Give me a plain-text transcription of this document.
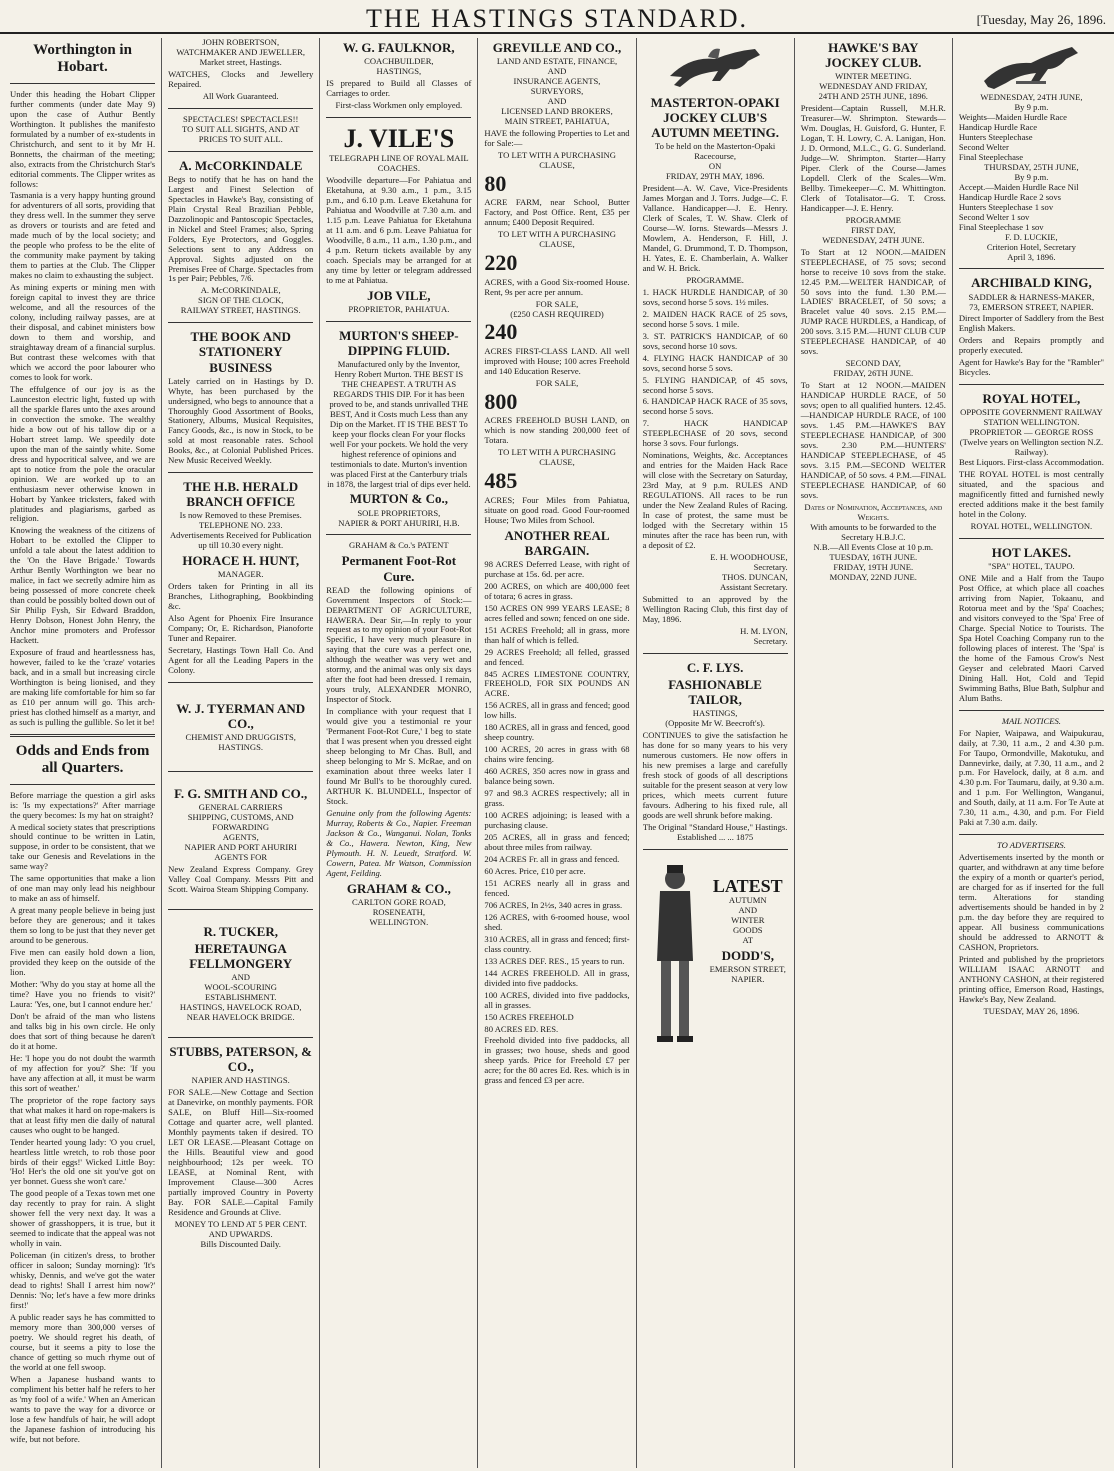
THE HASTINGS STANDARD.	[Tuesday, May 26, 1896.
Worthington in Hobart.

Under this heading the Hobart Clipper further comments (under date May 9) upon the case of Authur Bently Worthington. It publishes the manifesto formulated by a number of ex-students in Christchurch, and sent to it by Mr H. Bonnetts, the chairman of the meeting; also, extracts from the Christchurch Star's editorial comments. The Clipper writes as follows:

Tasmania is a very happy hunting ground for adventurers of all sorts, providing that they dress well. In the summer they serve as drovers or tourists and are feted and made much of by the local society; and the people who profess to be the elite of the community make payment by taking them to parties at the Club. The Clipper makes no claim to exhausting the subject.

As mining experts or mining men with foreign capital to invest they are thrice welcome, and all the resources of the colony, including railway passes, are at their disposal, and cabinet ministers bow down to them and worship, and straightaway dream of a financial surplus. But contrast these welcomes with that which we accord the poor labourer who comes to look for work.

The effulgence of our joy is as the Launceston electric light, fusted up with all the sparkle flares unto the axes around in convection the smoke. The wealthy hide a bow out of his tallow dip or a Hobart street lamp. We speedily dote upon the man of the saintly white. Some dress and hypocritical salvee, and we are apt to notice from the pole the oracular opinion. We are worked up to an enthusiasm never otherwise known in Hobart by Yankee tricksters, faked with platitudes and plagiarisms, garbed as religion.

Knowing the weakness of the citizens of Hobart to be extolled the Clipper to unfold a tale about the latest addition to the 'On the Have Brigade.' Towards Arthur Bently Worthington we bear no malice, in fact we secretly admire him as being possessed of more concrete cheek than could be possibly bolted down out of Sir Philip Fysh, Sir Edward Braddon, Henry Dobson, Honest John Henry, the Anchor mine promoters and Professor Hackett.

Exposure of fraud and heartlessness has, however, failed to ke the 'craze' votaries back, and in a small but increasing circle Worthington is being lionised, and they are making life comfortable for him so far as £10 per annum will go. This arch-priest has clothed himself as a martyr, and as such is pulling the gullible. So let it be!

Odds and Ends from all Quarters.

Before marriage the question a girl asks is: 'Is my expectations?' After marriage the query becomes: Is my hat on straight?

A medical society states that prescriptions should continue to be written in Latin, suppose, in order to be consistent, that we take our Genesis and Revelations in the same way?

The same opportunities that make a lion of one man may only lead his neighbour to make an ass of himself.

A great many people believe in being just before they are generous; and it takes them so long to be just that they never get around to be generous.

Five men can easily hold down a lion, provided they keep on the outside of the lion.

Mother: 'Why do you stay at home all the time? Have you no friends to visit?' Laura: 'Yes, one, but I cannot endure her.'

Don't be afraid of the man who listens and talks big in his own circle. He only does that sort of thing because he daren't do it at home.

He: 'I hope you do not doubt the warmth of my affection for you?' She: 'If you have any affection at all, it must be warm this sort of weather.'

The proprietor of the rope factory says that what makes it hard on rope-makers is that at least fifty men die daily of natural causes who ought to be hanged.

Tender hearted young lady: 'O you cruel, heartless little wretch, to rob those poor birds of their eggs!' Wicked Little Boy: 'Ho! Her's the old one sit you've got on yer bonnet. Guess she won't care.'

The good people of a Texas town met one day recently to pray for rain. A slight shower fell the very next day. It was a shower of grasshoppers, it is true, but it seemed to indicate that the appeal was not wholly in vain.

Policeman (in citizen's dress, to brother officer in saloon; Sunday morning): 'It's whisky, Dennis, and we've got the water dead to rights! Shall I arrest him now?' Dennis: 'No; let's have a few more drinks first!'

A public reader says he has committed to memory more than 300,000 verses of poetry. We should regret his death, of course, but it seems a pity to lose the chance of getting so much rhyme out of the world at one fell swoop.

When a Japanese husband wants to compliment his better half he refers to her as 'my fool of a wife.' When an American wants to pave the way for a divorce or lose a few handfuls of hair, he will adopt the Japanese fashion of introducing his wife, but not before.

JOHN ROBERTSON,
WATCHMAKER AND JEWELLER,
Market street, Hastings.

WATCHES, Clocks and Jewellery Repaired.

All Work Guaranteed.
SPECTACLES! SPECTACLES!!
TO SUIT ALL SIGHTS, AND AT PRICES TO SUIT ALL.
A. McCORKINDALE

Begs to notify that he has on hand the Largest and Finest Selection of Spectacles in Hawke's Bay, consisting of Plain Crystal Real Brazilian Pebble, Dazzolinopic and Pantoscopic Spectacles, in Nickel and Steel Frames; also, Spring Folders, Eye Protectors, and Goggles. Selections sent to any Address on Approval. Sights adjusted on the Premises Free of Charge. Spectacles from 1s per Pair; Pebbles, 7/6.

A. McCORKINDALE,
SIGN OF THE CLOCK,
RAILWAY STREET, HASTINGS.
THE BOOK AND STATIONERY BUSINESS

Lately carried on in Hastings by D. Whyte, has been purchased by the undersigned, who begs to announce that a Thoroughly Good Assortment of Books, Stationery, Albums, Musical Requisites, Fancy Goods, &c., is now in Stock, to be sold at most reasonable rates. School Books, &c., at Colonial Published Prices. New Music Received Weekly.

THE H.B. HERALD BRANCH OFFICE
Is now Removed to these Premises.
TELEPHONE NO. 233.
Advertisements Received for Publication up till 10.30 every night.
HORACE H. HUNT,
MANAGER.

Orders taken for Printing in all its Branches, Lithographing, Bookbinding &c.

Also Agent for Phoenix Fire Insurance Company; Or, E. Richardson, Pianoforte Tuner and Repairer.

Secretary, Hastings Town Hall Co. And Agent for all the Leading Papers in the Colony.

W. J. TYERMAN AND CO.,
CHEMIST AND DRUGGISTS,
HASTINGS.
F. G. SMITH AND CO.,
GENERAL CARRIERS
SHIPPING, CUSTOMS, AND FORWARDING
AGENTS,
NAPIER AND PORT AHURIRI
AGENTS FOR

New Zealand Express Company. Grey Valley Coal Company. Messrs Pitt and Scott. Wairoa Steam Shipping Company.

R. TUCKER,
HERETAUNGA FELLMONGERY
AND
WOOL-SCOURING ESTABLISHMENT.
HASTINGS, HAVELOCK ROAD, NEAR HAVELOCK BRIDGE.
STUBBS, PATERSON, & CO.,
NAPIER AND HASTINGS.

FOR SALE.—New Cottage and Section at Danevirke, on monthly payments. FOR SALE, on Bluff Hill—Six-roomed Cottage and quarter acre, well planted. Monthly payments taken if desired. TO LET OR LEASE.—Pleasant Cottage on the Hills. Beautiful view and good neighbourhood; 12s per week. TO LEASE, at Nominal Rent, with Improvement Clause—300 Acres partially improved Country in Poverty Bay. FOR SALE.—Capital Family Residence and Grounds at Clive.

MONEY TO LEND AT 5 PER CENT. AND UPWARDS.
Bills Discounted Daily.
W. G. FAULKNOR,
COACHBUILDER,
HASTINGS,

IS prepared to Build all Classes of Carriages to order.

First-class Workmen only employed.
J. VILE'S
TELEGRAPH LINE OF ROYAL MAIL COACHES.

Woodville departure—For Pahiatua and Eketahuna, at 9.30 a.m., 1 p.m., 3.15 p.m., and 6.10 p.m. Leave Eketahuna for Pahiatua and Woodville at 7.30 a.m. and 1.15 p.m. Leave Pahiatua for Eketahuna at 11 a.m. and 6 p.m. Leave Pahiatua for Woodville, 8 a.m., 11 a.m., 1.30 p.m., and 4 p.m. Return tickets available by any coach. Specials may be arranged for at any time by letter or telegram addressed to me at Pahiatua.

JOB VILE,
PROPRIETOR, PAHIATUA.
MURTON'S SHEEP-DIPPING FLUID.

Manufactured only by the Inventor, Henry Robert Murton. THE BEST IS THE CHEAPEST. A TRUTH AS REGARDS THIS DIP. For it has been proved to be, and stands unrivalled THE BEST, And it Costs much Less than any Dip on the Market. IT IS THE BEST To keep your flocks clean For your flocks well For your pockets. We hold the very highest reference of opinions and testimonials to date. Murton's invention was placed First at the Canterbury trials in 1878, the largest trial of dips ever held.

MURTON & Co.,
SOLE PROPRIETORS,
NAPIER & PORT AHURIRI, H.B.
GRAHAM & Co.'s PATENT
Permanent Foot-Rot Cure.

READ the following opinions of Government Inspectors of Stock:— DEPARTMENT OF AGRICULTURE, HAWERA. Dear Sir,—In reply to your request as to my opinion of your Foot-Rot Specific, I have very much pleasure in saying that the cure was a perfect one, although the weather was very wet and stormy, and the animal was only six days after the foot had been dressed. I remain, yours truly, ALEXANDER MONRO, Inspector of Stock.

In compliance with your request that I would give you a testimonial re your 'Permanent Foot-Rot Cure,' I beg to state that I was present when you dressed eight sheep belonging to Mr Chas. Bull, and sheep belonging to Mr S. McRae, and on examination about three weeks later I found Mr Bull's to be thoroughly cured. ARTHUR K. BLUNDELL, Inspector of Stock.

Genuine only from the following Agents: Murray, Roberts & Co., Napier. Freeman Jackson & Co., Wanganui. Nolan, Tonks & Co., Hawera. Newton, King, New Plymouth. H. N. Leuedt, Stratford. W. Cowern, Patea. Mr Watson, Commission Agent, Feilding.

GRAHAM & CO.,
CARLTON GORE ROAD, ROSENEATH,
WELLINGTON.
GREVILLE AND CO.,
LAND AND ESTATE, FINANCE,
AND
INSURANCE AGENTS,
SURVEYORS,
AND
LICENSED LAND BROKERS,
MAIN STREET, PAHIATUA,

HAVE the following Properties to Let and for Sale:—

TO LET WITH A PURCHASING CLAUSE,
80

ACRE FARM, near School, Butter Factory, and Post Office. Rent, £35 per annum; £400 Deposit Required.

TO LET WITH A PURCHASING CLAUSE,
220

ACRES, with a Good Six-roomed House. Rent, 9s per acre per annum.

FOR SALE,
(£250 CASH REQUIRED)
240

ACRES FIRST-CLASS LAND. All well improved with House; 100 acres Freehold and 140 Education Reserve.

FOR SALE,
800

ACRES FREEHOLD BUSH LAND, on which is now standing 200,000 feet of Totara.

TO LET WITH A PURCHASING CLAUSE,
485

ACRES; Four Miles from Pahiatua, situate on good road. Good Four-roomed House; Two Miles from School.

ANOTHER REAL BARGAIN.

98 ACRES Deferred Lease, with right of purchase at 15s. 6d. per acre.

200 ACRES, on which are 400,000 feet of totara; 6 acres in grass.

150 ACRES ON 999 YEARS LEASE; 8 acres felled and sown; fenced on one side.

151 ACRES Freehold; all in grass, more than half of which is felled.

29 ACRES Freehold; all felled, grassed and fenced.

845 ACRES LIMESTONE COUNTRY, FREEHOLD, FOR SIX POUNDS AN ACRE.

156 ACRES, all in grass and fenced; good low hills.

180 ACRES, all in grass and fenced, good sheep country.

100 ACRES, 20 acres in grass with 68 chains wire fencing.

460 ACRES, 350 acres now in grass and balance being sown.

97 and 98.3 ACRES respectively; all in grass.

100 ACRES adjoining; is leased with a purchasing clause.

205 ACRES, all in grass and fenced; about three miles from railway.

204 ACRES Fr. all in grass and fenced.

60 Acres. Price, £10 per acre.

151 ACRES nearly all in grass and fenced.

706 ACRES, In 2½s, 340 acres in grass.

126 ACRES, with 6-roomed house, wool shed.

310 ACRES, all in grass and fenced; first-class country.

133 ACRES DEF. RES., 15 years to run.

144 ACRES FREEHOLD. All in grass, divided into five paddocks.

100 ACRES, divided into five paddocks, all in grasses.

150 ACRES FREEHOLD

80 ACRES ED. RES.

Freehold divided into five paddocks, all in grasses; two house, sheds and good sheep yards. Price for Freehold £7 per acre; for the 80 acres Ed. Res. which is in grass and fenced £3 per acre.

MASTERTON-OPAKI JOCKEY CLUB'S AUTUMN MEETING.
To be held on the Masterton-Opaki Racecourse,
ON
FRIDAY, 29TH MAY, 1896.

President—A. W. Cave, Vice-Presidents James Morgan and J. Torrs. Judge—C. F. Vallance. Handicapper—J. E. Henry. Clerk of Scales, T. W. Shaw. Clerk of Course—W. Iorns. Stewards—Messrs J. Mowlem, A. Henderson, F. Hill, J. Mandel, G. Drummond, T. D. Thompson, H. Yates, E. E. Chamberlain, A. Walker and W. H. Brick.

PROGRAMME.

1. HACK HURDLE HANDICAP, of 30 sovs, second horse 5 sovs. 1½ miles.

2. MAIDEN HACK RACE of 25 sovs, second horse 5 sovs. 1 mile.

3. ST. PATRICK'S HANDICAP, of 60 sovs, second horse 10 sovs.

4. FLYING HACK HANDICAP of 30 sovs, second horse 5 sovs.

5. FLYING HANDICAP, of 45 sovs, second horse 5 sovs.

6. HANDICAP HACK RACE of 35 sovs, second horse 5 sovs.

7. HACK HANDICAP STEEPLECHASE of 20 sovs, second horse 3 sovs. Four furlongs.

Nominations, Weights, &c. Acceptances and entries for the Maiden Hack Race will close with the Secretary on Saturday, 23rd May, at 9 p.m. RULES AND REGULATIONS. All races to be run under the New Zealand Rules of Racing. In case of protest, the same must be lodged with the Secretary within 15 minutes after the race has been run, with a deposit of £2.

E. H. WOODHOUSE,
Secretary.
THOS. DUNCAN,
Assistant Secretary.

Submitted to an approved by the Wellington Racing Club, this first day of May, 1896.

H. M. LYON,
Secretary.
C. F. LYS.
FASHIONABLE TAILOR,
HASTINGS,
(Opposite Mr W. Beecroft's).

CONTINUES to give the satisfaction he has done for so many years to his very numerous customers. He now offers in his new premises a large and carefully fresh stock of goods of all descriptions suitable for the present season at very low prices, which meets current future favours. Adhering to his fixed rule, all goods are well shrunk before making.

The Original "Standard House," Hastings.
Established ... ... 1875
LATEST
AUTUMN
AND
WINTER
GOODS
AT
DODD'S,
EMERSON STREET,
NAPIER.
HAWKE'S BAY JOCKEY CLUB.
WINTER MEETING.
WEDNESDAY AND FRIDAY,
24TH AND 25TH JUNE, 1896.

President—Captain Russell, M.H.R. Treasurer—W. Shrimpton. Stewards—Wm. Douglas, H. Guisford, G. Hunter, F. Logan, T. H. Lowry, C. A. Lanigan, Hon. J. D. Ormond, M.L.C., G. G. Sunderland. Judge—W. Shrimpton. Starter—Harry Piper. Clerk of the Course—James Lopdell. Clerk of the Scales—Wm. Bellby. Timekeeper—C. M. Whittington. Clerk of Totalisator—G. T. Cross. Handicapper—J. E. Henry.

PROGRAMME
FIRST DAY,
WEDNESDAY, 24TH JUNE.

To Start at 12 NOON.—MAIDEN STEEPLECHASE, of 75 sovs; second horse to receive 10 sovs from the stake. 12.45 P.M.—WELTER HANDICAP, of 50 sovs into the fund. 1.30 P.M.—LADIES' BRACELET, of 50 sovs; a Bracelet value 40 sovs. 2.15 P.M.—JUMP RACE HURDLES, a Handicap, of 200 sovs. 3.15 P.M.—HUNT CLUB CUP STEEPLECHASE HANDICAP, of 40 sovs.

SECOND DAY,
FRIDAY, 26TH JUNE.

To Start at 12 NOON.—MAIDEN HANDICAP HURDLE RACE, of 50 sovs; open to all qualified hunters. 12.45.—HANDICAP HURDLE RACE, of 100 sovs. 1.45 P.M.—HAWKE'S BAY STEEPLECHASE HANDICAP, of 300 sovs. 2.30 P.M.—HUNTERS' HANDICAP STEEPLECHASE, of 45 sovs. 3.15 P.M.—SECOND WELTER HANDICAP, of 50 sovs. 4 P.M.—FINAL STEEPLECHASE HANDICAP, of 60 sovs.

Dates of Nomination, Acceptances, and Weights.
With amounts to be forwarded to the Secretary H.B.J.C.
N.B.—All Events Close at 10 p.m.
TUESDAY, 16TH JUNE.
FRIDAY, 19TH JUNE.
MONDAY, 22ND JUNE.
WEDNESDAY, 24TH JUNE,
By 9 p.m.
Weights—Maiden Hurdle Race
Handicap Hurdle Race
Hunters Steeplechase
Second Welter
Final Steeplechase
THURSDAY, 25TH JUNE,
By 9 p.m.
Accept.—Maiden Hurdle Race Nil
Handicap Hurdle Race 2 sovs
Hunters Steeplechase 1 sov
Second Welter 1 sov
Final Steeplechase 1 sov
F. D. LUCKIE,
Criterion Hotel, Secretary
April 3, 1896.
ARCHIBALD KING,
SADDLER & HARNESS-MAKER,
73, EMERSON STREET, NAPIER.

Direct Importer of Saddlery from the Best English Makers.

Orders and Repairs promptly and properly executed.

Agent for Hawke's Bay for the "Rambler" Bicycles.

ROYAL HOTEL,
OPPOSITE GOVERNMENT RAILWAY STATION WELLINGTON.
PROPRIETOR — GEORGE ROSS
(Twelve years on Wellington section N.Z. Railway).
Best Liquors. First-class Accommodation.

THE ROYAL HOTEL is most centrally situated, and the spacious and magnificently fitted and furnished newly erected additions make it the best family hotel in the Colony.

ROYAL HOTEL, WELLINGTON.
HOT LAKES.
"SPA" HOTEL, TAUPO.

ONE Mile and a Half from the Taupo Post Office, at which place all coaches arriving from Napier, Tokaanu, and Rotorua meet and by the 'Spa' Coaches; and visitors conveyed to the 'Spa' Free of Charge. Special Notice to Tourists. The Spa Hotel Coaching Company run to the following places of interest. The 'Spa' is the home of the Famous Crow's Nest Geyser and celebrated Maori Carved Dining Hall. Hot, Cold and Tepid Swimming Baths, Blue Bath, Sulphur and Alum Baths.

MAIL NOTICES.

For Napier, Waipawa, and Waipukurau, daily, at 7.30, 11 a.m., 2 and 4.30 p.m. For Taupo, Ormondville, Makotuku, and Dannevirke, daily, at 7.30, 11 a.m., and 2 p.m. For Havelock, daily, at 8 a.m. and 4.30 p.m. For Taumaru, daily, at 9.30 a.m. and 1 p.m. For Wellington, Wanganui, and South, daily, at 11 a.m. For Te Aute at 7.30, 11 a.m., 4.30, and p.m. For Field Paki at 7.30 a.m. daily.

TO ADVERTISERS.

Advertisements inserted by the month or quarter, and withdrawn at any time before the expiry of a month or quarter's period, are charged for as if inserted for the full term. Alterations for standing advertisements should be handed in by 2 p.m. the day before they are required to appear. All business communications should be addressed to ARNOTT & CASHON, Proprietors.

Printed and published by the proprietors WILLIAM ISAAC ARNOTT and ANTHONY CASHON, at their registered printing office, Emerson Road, Hastings, Hawke's Bay, New Zealand.

TUESDAY, MAY 26, 1896.
